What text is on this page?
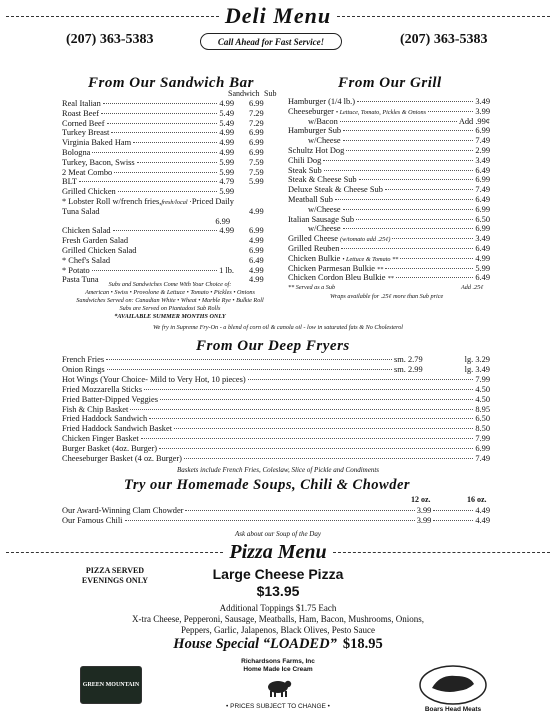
Deli Menu
(207) 363-5383	Call Ahead for Fast Service!	(207) 363-5383
From Our Sandwich Bar
Sandwich Sub
Real Italian	4.99 6.99
Roast Beef	5.49 7.29
Corned Beef	5.49 7.29
Turkey Breast	4.99 6.99
Virginia Baked Ham	4.99 6.99
Bologna	4.99 6.99
Turkey, Bacon, Swiss	5.99 7.59
2 Meat Combo	5.99 7.59
BLT	4.79 5.99
Grilled Chicken	5.99
* Lobster Roll w/french fries, fresh/local Priced Daily
Tuna Salad	4.99
6.99
Chicken Salad	4.99 6.99
Fresh Garden Salad	4.99
Grilled Chicken Salad	6.99
* Chef's Salad	6.49
* Potato	1 lb. 4.99
Pasta Tuna	4.99
Subs and Sandwiches Come With Your Choice of:
American • Swiss • Provolone & Lettuce • Tomato • Pickles • Onions
Sandwiches Served on: Canadian White • Wheat • Marble Rye • Bulkie Roll
Subs are Served on Piantadosi Sub Rolls
*AVAILABLE SUMMER MONTHS ONLY
From Our Grill
Hamburger (1/4 lb.)	3.49
Cheeseburger • Lettuce, Tomato, Pickles & Onions	3.99
w/Bacon	Add .99¢
Hamburger Sub	6.99
w/Cheese	7.49
Schultz Hot Dog	2.99
Chili Dog	3.49
Steak Sub	6.49
Steak & Cheese Sub	6.99
Deluxe Steak & Cheese Sub	7.49
Meatball Sub	6.49
w/Cheese	6.99
Italian Sausage Sub	6.50
w/Cheese	6.99
Grilled Cheese (w/tomato add .25¢)	3.49
Grilled Reuben	6.49
Chicken Bulkie • Lettuce & Tomato **	4.99
Chicken Parmesan Bulkie **	5.99
Chicken Cordon Bleu Bulkie **	6.49
** Served as a Sub	Add .25¢
Wraps available for .25¢ more than Sub price
We fry in Supreme Fry-On - a blend of corn oil & canola oil - low in saturated fats & No Cholesterol
From Our Deep Fryers
French Fries	sm. 2.79	lg. 3.29
Onion Rings	sm. 2.99	lg. 3.49
Hot Wings (Your Choice- Mild to Very Hot, 10 pieces)	7.99
Fried Mozzarella Sticks	4.50
Fried Batter-Dipped Veggies	4.50
Fish & Chip Basket	8.95
Fried Haddock Sandwich	6.50
Fried Haddock Sandwich Basket	8.50
Chicken Finger Basket	7.99
Burger Basket (4oz. Burger)	6.99
Cheeseburger Basket (4 oz. Burger)	7.49
Baskets include French Fries, Coleslaw, Slice of Pickle and Condiments
Try our Homemade Soups, Chili & Chowder
12 oz.	16 oz.
Our Award-Winning Clam Chowder	3.99	4.49
Our Famous Chili	3.99	4.49
Ask about our Soup of the Day
Pizza Menu
PIZZA SERVED
EVENINGS ONLY	Large Cheese Pizza
$13.95
Additional Toppings $1.75 Each
X-tra Cheese, Pepperoni, Sausage, Meatballs, Ham, Bacon, Mushrooms, Onions,
Peppers, Garlic, Jalapenos, Black Olives, Pesto Sauce
House Special “LOADED” $18.95
GREEN MOUNTAIN
Richardsons Farms, Inc
Home Made Ice Cream
• PRICES SUBJECT TO CHANGE •	Boars Head Meats
